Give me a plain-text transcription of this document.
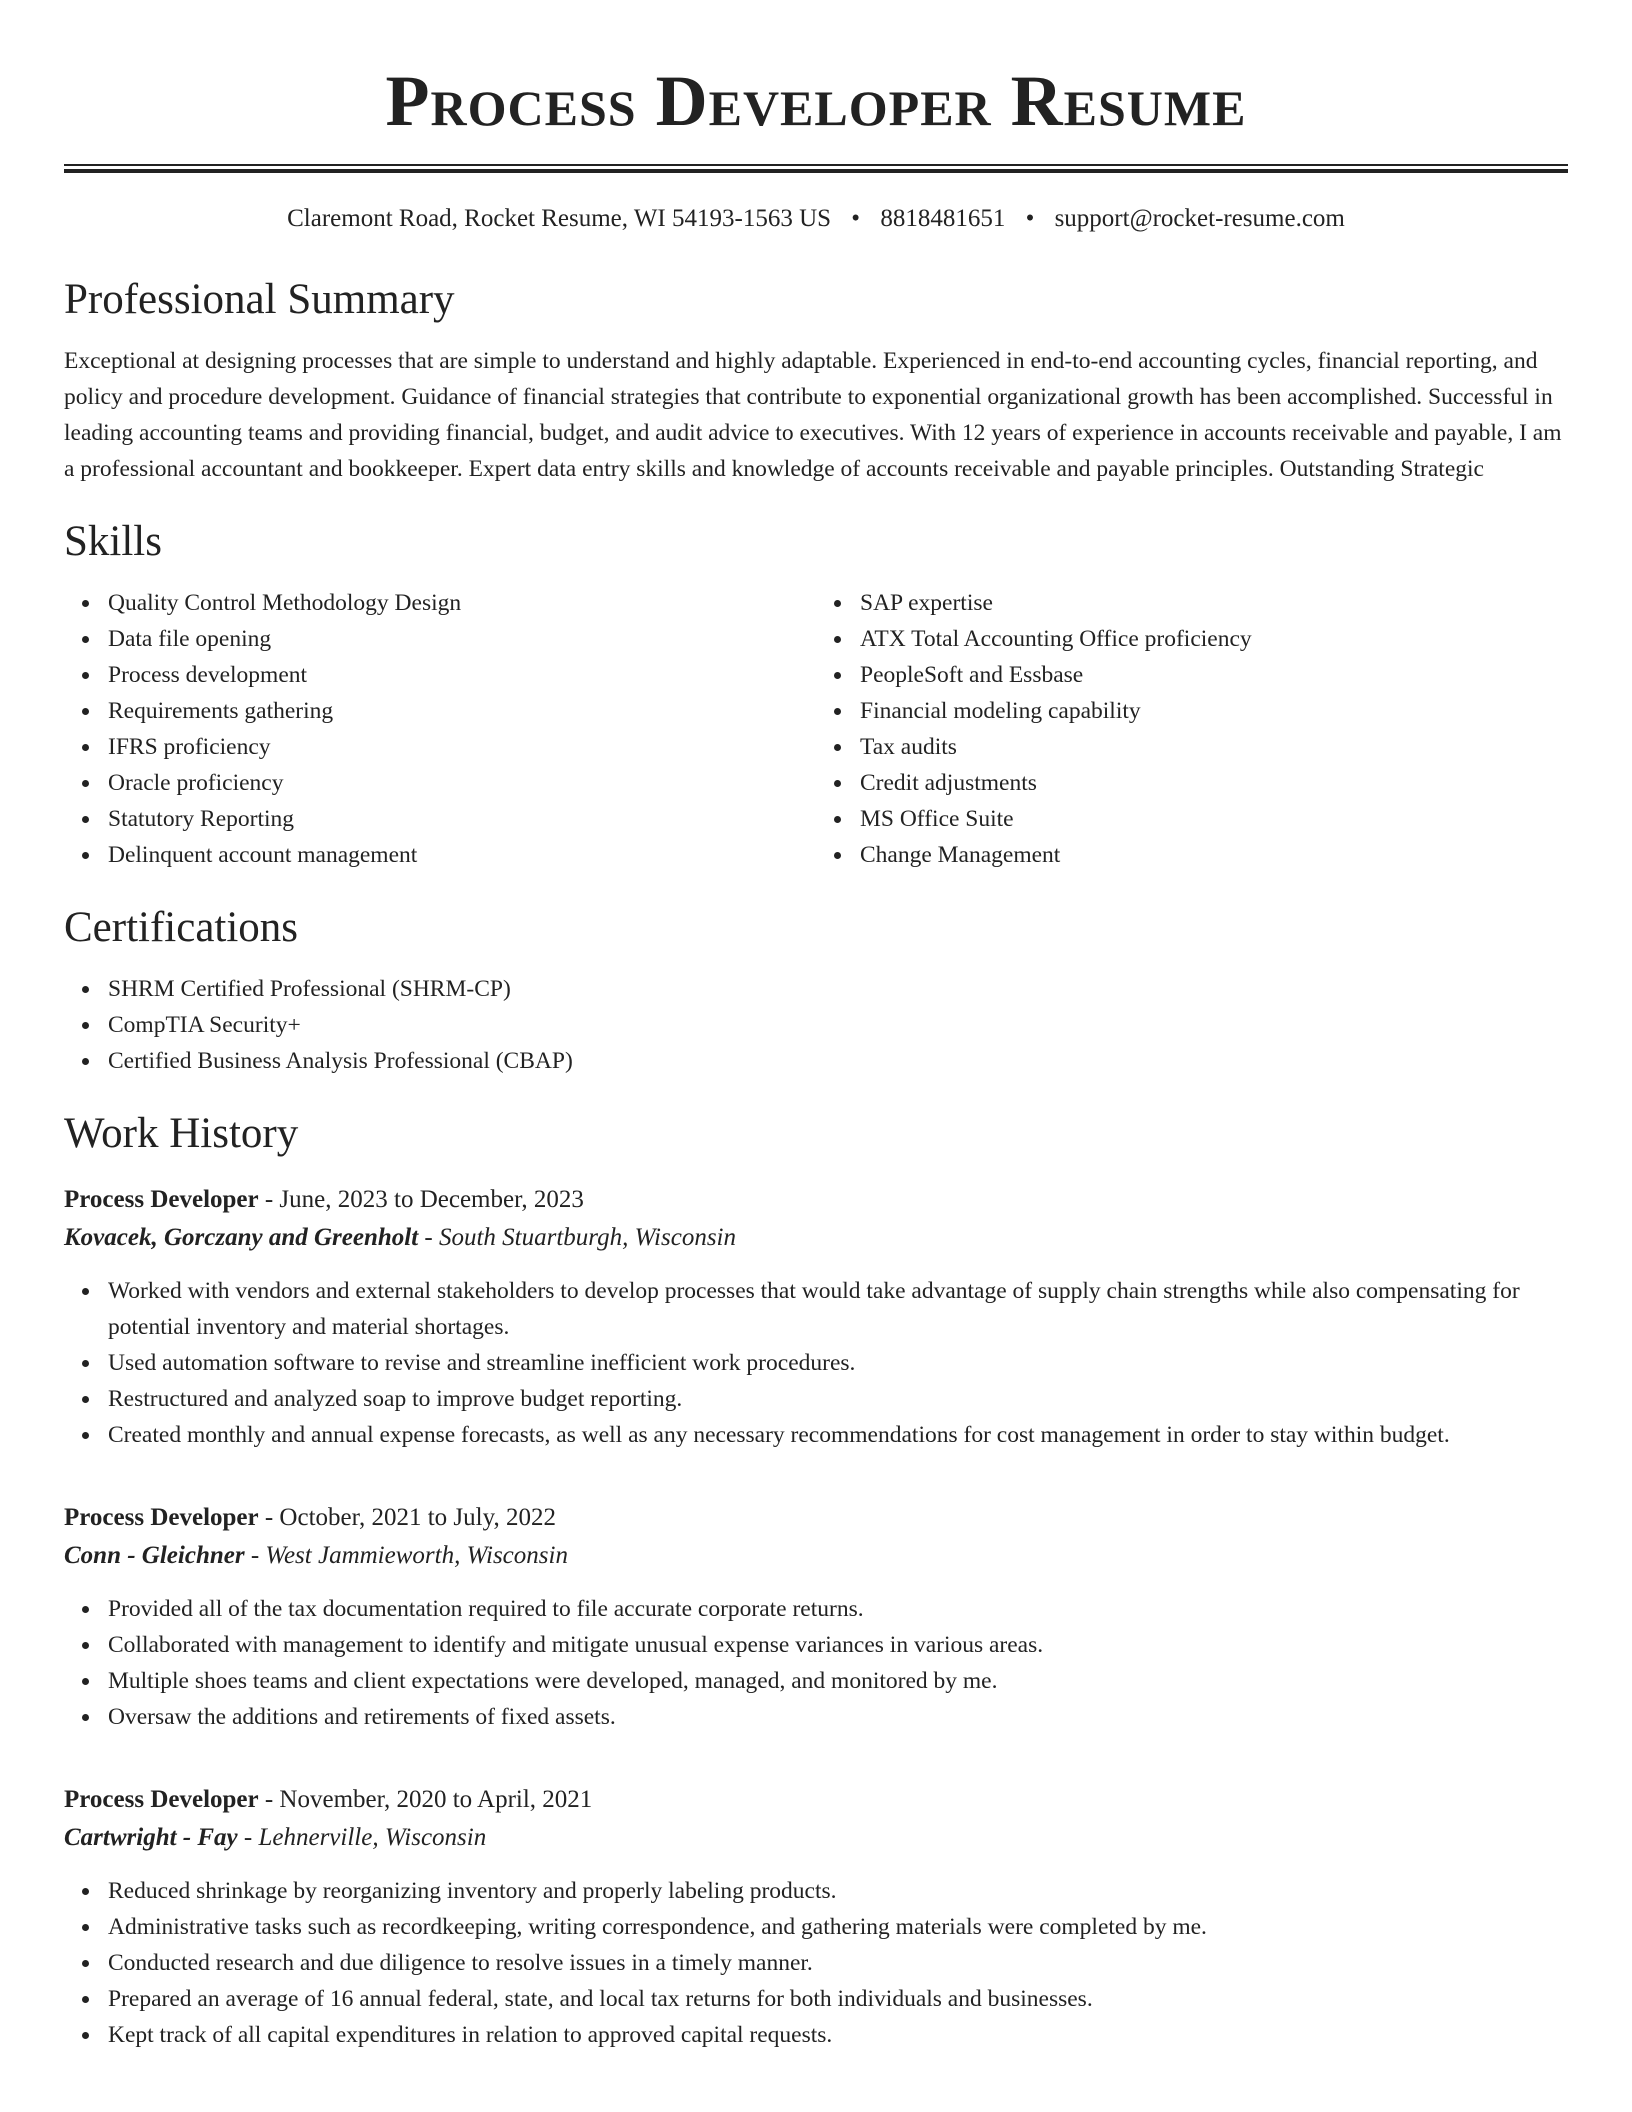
Process Developer Resume
Claremont Road, Rocket Resume, WI 54193-1563 US • 8818481651 • support@rocket-resume.com
Professional Summary

Exceptional at designing processes that are simple to understand and highly adaptable. Experienced in end-to-end accounting cycles, financial reporting, and policy and procedure development. Guidance of financial strategies that contribute to exponential organizational growth has been accomplished. Successful in leading accounting teams and providing financial, budget, and audit advice to executives. With 12 years of experience in accounts receivable and payable, I am a professional accountant and bookkeeper. Expert data entry skills and knowledge of accounts receivable and payable principles. Outstanding Strategic

Skills
Quality Control Methodology Design
Data file opening
Process development
Requirements gathering
IFRS proficiency
Oracle proficiency
Statutory Reporting
Delinquent account management
SAP expertise
ATX Total Accounting Office proficiency
PeopleSoft and Essbase
Financial modeling capability
Tax audits
Credit adjustments
MS Office Suite
Change Management
Certifications
SHRM Certified Professional (SHRM-CP)
CompTIA Security+
Certified Business Analysis Professional (CBAP)
Work History
Process Developer - June, 2023 to December, 2023
Kovacek, Gorczany and Greenholt - South Stuartburgh, Wisconsin
Worked with vendors and external stakeholders to develop processes that would take advantage of supply chain strengths while also compensating for potential inventory and material shortages.
Used automation software to revise and streamline inefficient work procedures.
Restructured and analyzed soap to improve budget reporting.
Created monthly and annual expense forecasts, as well as any necessary recommendations for cost management in order to stay within budget.
Process Developer - October, 2021 to July, 2022
Conn - Gleichner - West Jammieworth, Wisconsin
Provided all of the tax documentation required to file accurate corporate returns.
Collaborated with management to identify and mitigate unusual expense variances in various areas.
Multiple shoes teams and client expectations were developed, managed, and monitored by me.
Oversaw the additions and retirements of fixed assets.
Process Developer - November, 2020 to April, 2021
Cartwright - Fay - Lehnerville, Wisconsin
Reduced shrinkage by reorganizing inventory and properly labeling products.
Administrative tasks such as recordkeeping, writing correspondence, and gathering materials were completed by me.
Conducted research and due diligence to resolve issues in a timely manner.
Prepared an average of 16 annual federal, state, and local tax returns for both individuals and businesses.
Kept track of all capital expenditures in relation to approved capital requests.
